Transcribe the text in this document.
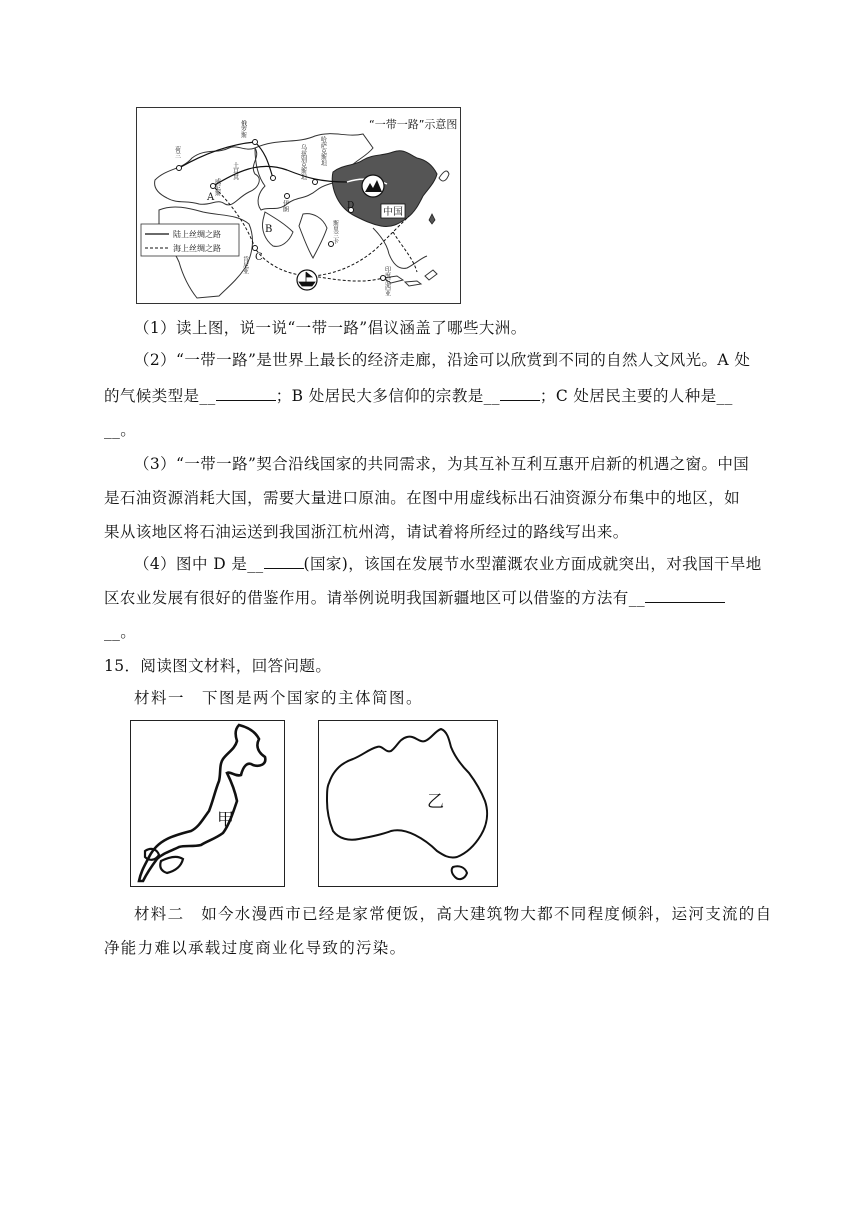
“一带一路”示意图
中国
A
B
C
D
荷兰
俄罗斯
威尼斯
土耳其
伊朗
乌兹别克斯坦 哈萨克斯坦
斯里兰卡
肯尼亚
印度尼西亚
陆上丝绸之路
海上丝绸之路
（1）读上图，说一说“一带一路”倡议涵盖了哪些大洲。
（2）“一带一路”是世界上最长的经济走廊，沿途可以欣赏到不同的自然人文风光。A 处
的气候类型是__	；B 处居民大多信仰的宗教是__	；C 处居民主要的人种是__
__。
（3）“一带一路”契合沿线国家的共同需求，为其互补互利互惠开启新的机遇之窗。中国
是石油资源消耗大国，需要大量进口原油。在图中用虚线标出石油资源分布集中的地区，如
果从该地区将石油运送到我国浙江杭州湾，请试着将所经过的路线写出来。
（4）图中 D 是__	(国家)，该国在发展节水型灌溉农业方面成就突出，对我国干旱地
区农业发展有很好的借鉴作用。请举例说明我国新疆地区可以借鉴的方法有__
__。
15．阅读图文材料，回答问题。
材料一　下图是两个国家的主体简图。
甲
乙
材料二　如今水漫西市已经是家常便饭，高大建筑物大都不同程度倾斜，运河支流的自
净能力难以承载过度商业化导致的污染。
